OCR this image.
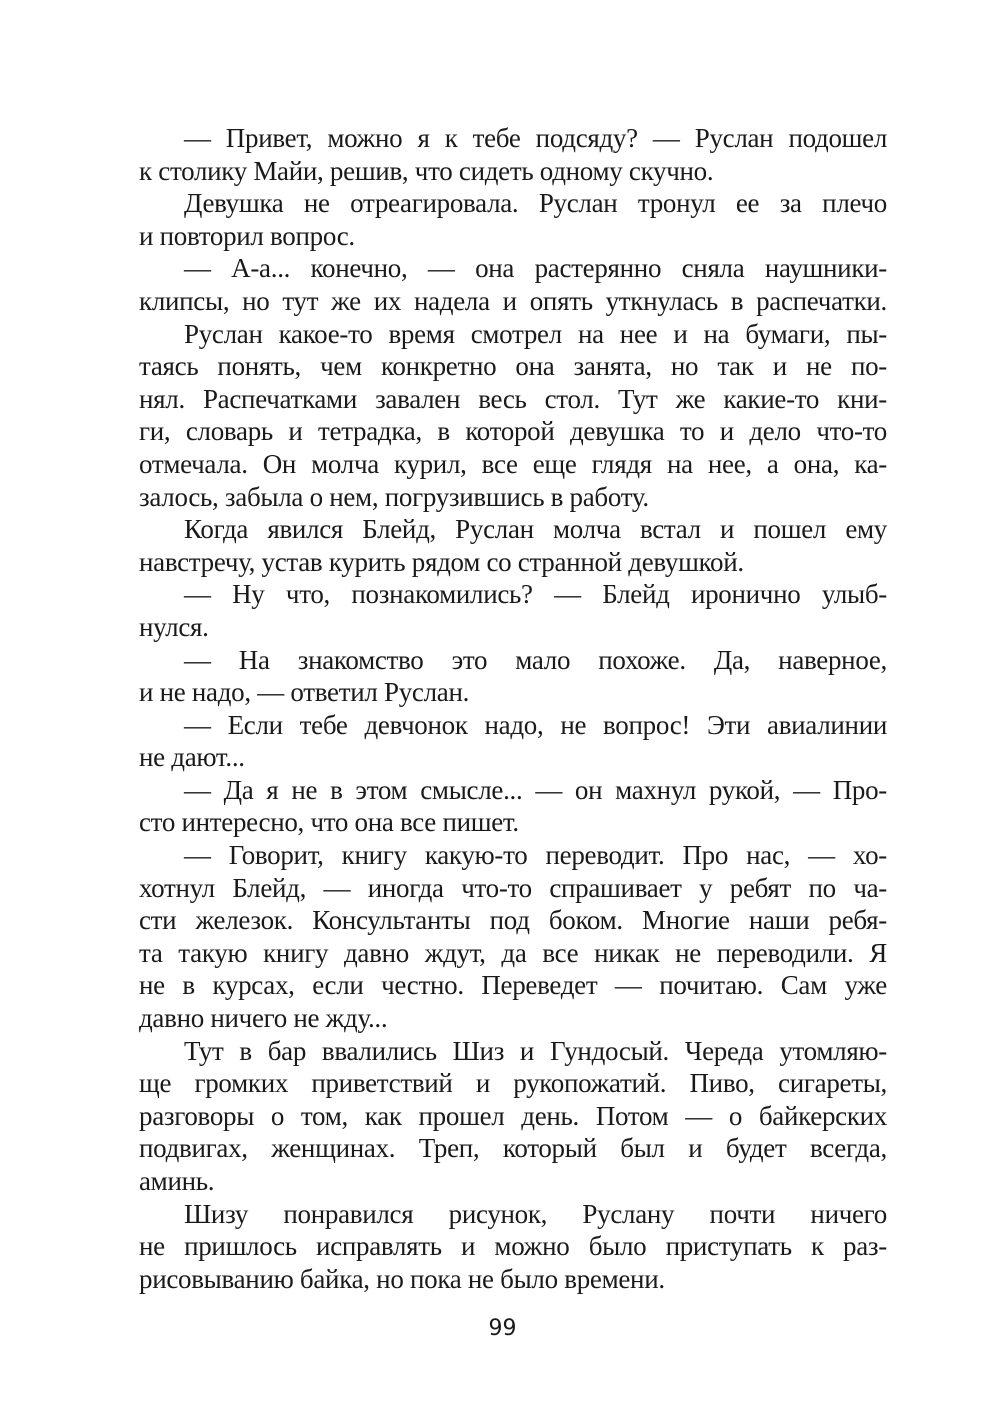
— Привет, можно я к тебе подсяду? — Руслан подошел
к столику Майи, решив, что сидеть одному скучно.
Девушка не отреагировала. Руслан тронул ее за плечо
и повторил вопрос.
— А-а... конечно, — она растерянно сняла наушники-
клипсы, но тут же их надела и опять уткнулась в распечатки.
Руслан какое-то время смотрел на нее и на бумаги, пы-
таясь понять, чем конкретно она занята, но так и не по-
нял. Распечатками завален весь стол. Тут же какие-то кни-
ги, словарь и тетрадка, в которой девушка то и дело что-то
отмечала. Он молча курил, все еще глядя на нее, а она, ка-
залось, забыла о нем, погрузившись в работу.
Когда явился Блейд, Руслан молча встал и пошел ему
навстречу, устав курить рядом со странной девушкой.
— Ну что, познакомились? — Блейд иронично улыб-
нулся.
— На знакомство это мало похоже. Да, наверное,
и не надо, — ответил Руслан.
— Если тебе девчонок надо, не вопрос! Эти авиалинии
не дают...
— Да я не в этом смысле... — он махнул рукой, — Про-
сто интересно, что она все пишет.
— Говорит, книгу какую-то переводит. Про нас, — хо-
хотнул Блейд, — иногда что-то спрашивает у ребят по ча-
сти железок. Консультанты под боком. Многие наши ребя-
та такую книгу давно ждут, да все никак не переводили. Я
не в курсах, если честно. Переведет — почитаю. Сам уже
давно ничего не жду...
Тут в бар ввалились Шиз и Гундосый. Череда утомляю-
ще громких приветствий и рукопожатий. Пиво, сигареты,
разговоры о том, как прошел день. Потом — о байкерских
подвигах, женщинах. Треп, который был и будет всегда,
аминь.
Шизу понравился рисунок, Руслану почти ничего
не пришлось исправлять и можно было приступать к раз-
рисовыванию байка, но пока не было времени.
99
